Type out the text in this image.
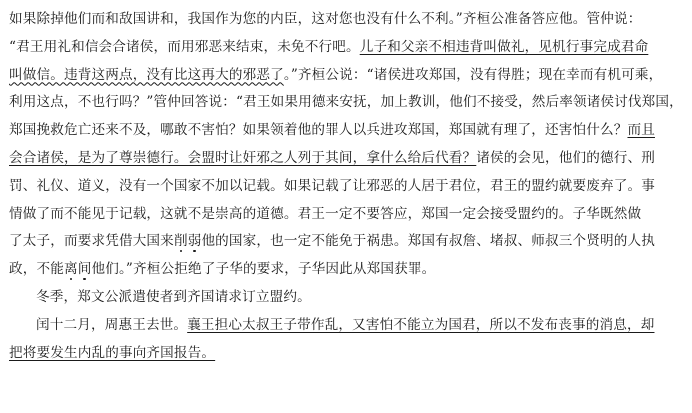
如果除掉他们而和敌国讲和，我国作为您的内臣，这对您也没有什么不利。”齐桓公准备答应他。管仲说：
“君王用礼和信会合诸侯，而用邪恶来结束，未免不行吧。儿子和父亲不相违背叫做礼，见机行事完成君命
叫做信。违背这两点，没有比这再大的邪恶了。”齐桓公说：“诸侯进攻郑国，没有得胜；现在幸而有机可乘，
利用这点，不也行吗？”管仲回答说：“君王如果用德来安抚，加上教训，他们不接受，然后率领诸侯讨伐郑国，
郑国挽救危亡还来不及，哪敢不害怕？如果领着他的罪人以兵进攻郑国，郑国就有理了，还害怕什么？而且
会合诸侯，是为了尊崇德行。会盟时让奸邪之人列于其间，拿什么给后代看？诸侯的会见，他们的德行、刑
罚、礼仪、道义，没有一个国家不加以记载。如果记载了让邪恶的人居于君位，君王的盟约就要废弃了。事
情做了而不能见于记载，这就不是崇高的道德。君王一定不要答应，郑国一定会接受盟约的。子华既然做
了太子，而要求凭借大国来削弱他的国家，也一定不能免于祸患。郑国有叔詹、堵叔、师叔三个贤明的人执
政，不能离间他们。”齐桓公拒绝了子华的要求，子华因此从郑国获罪。
冬季，郑文公派遣使者到齐国请求订立盟约。
闰十二月，周惠王去世。襄王担心太叔王子带作乱，又害怕不能立为国君，所以不发布丧事的消息，却
把将要发生内乱的事向齐国报告。
